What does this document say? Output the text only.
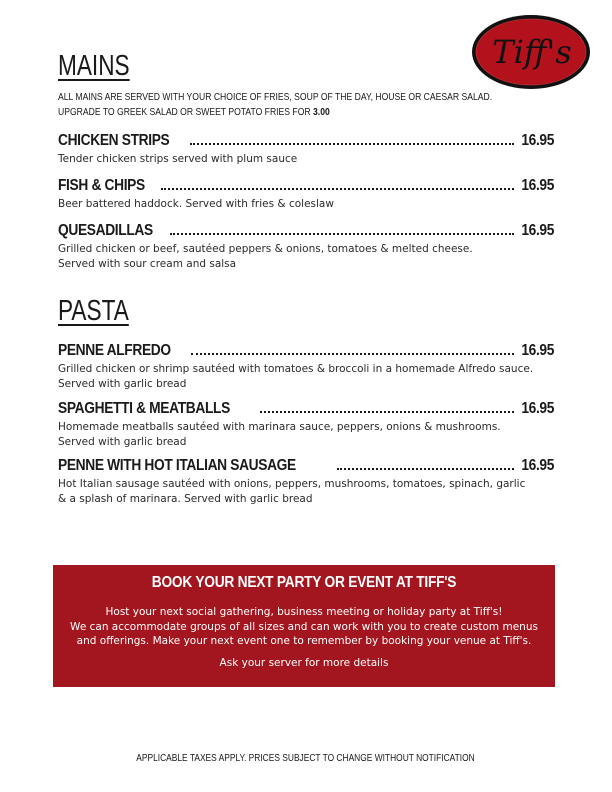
Tiff's
MAINS
ALL MAINS ARE SERVED WITH YOUR CHOICE OF FRIES, SOUP OF THE DAY, HOUSE OR CAESAR SALAD.
UPGRADE TO GREEK SALAD OR SWEET POTATO FRIES FOR 3.00
CHICKEN STRIPS	16.95
Tender chicken strips served with plum sauce
FISH & CHIPS	16.95
Beer battered haddock. Served with fries & coleslaw
QUESADILLAS	16.95
Grilled chicken or beef, sautéed peppers & onions, tomatoes & melted cheese.
Served with sour cream and salsa
PASTA
PENNE ALFREDO	16.95
Grilled chicken or shrimp sautéed with tomatoes & broccoli in a homemade Alfredo sauce.
Served with garlic bread
SPAGHETTI & MEATBALLS	16.95
Homemade meatballs sautéed with marinara sauce, peppers, onions & mushrooms.
Served with garlic bread
PENNE WITH HOT ITALIAN SAUSAGE	16.95
Hot Italian sausage sautéed with onions, peppers, mushrooms, tomatoes, spinach, garlic
& a splash of marinara. Served with garlic bread
BOOK YOUR NEXT PARTY OR EVENT AT TIFF'S
Host your next social gathering, business meeting or holiday party at Tiff's!
We can accommodate groups of all sizes and can work with you to create custom menus
and offerings. Make your next event one to remember by booking your venue at Tiff's.
Ask your server for more details
APPLICABLE TAXES APPLY. PRICES SUBJECT TO CHANGE WITHOUT NOTIFICATION
